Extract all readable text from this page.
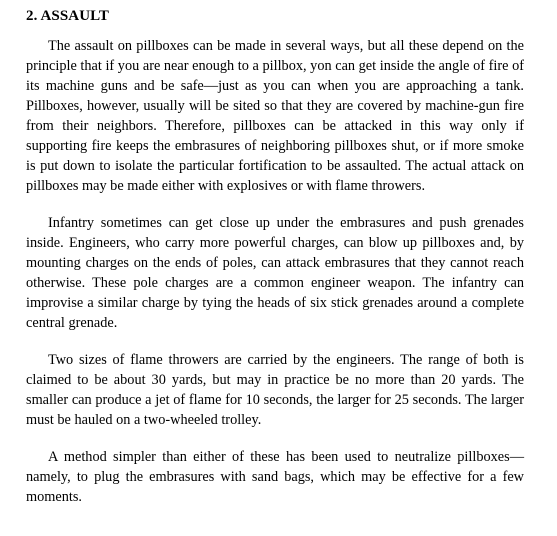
2. ASSAULT

The assault on pillboxes can be made in several ways, but all these depend on the principle that if you are near enough to a pillbox, yon can get inside the angle of fire of its machine guns and be safe—just as you can when you are approaching a tank. Pillboxes, however, usually will be sited so that they are covered by machine-gun fire from their neighbors. Therefore, pillboxes can be attacked in this way only if supporting fire keeps the embrasures of neighboring pillboxes shut, or if more smoke is put down to isolate the particular fortification to be assaulted. The actual attack on pillboxes may be made either with explosives or with flame throwers.

Infantry sometimes can get close up under the embrasures and push grenades inside. Engineers, who carry more powerful charges, can blow up pillboxes and, by mounting charges on the ends of poles, can attack embrasures that they cannot reach otherwise. These pole charges are a common engineer weapon. The infantry can improvise a similar charge by tying the heads of six stick grenades around a complete central grenade.

Two sizes of flame throwers are carried by the engineers. The range of both is claimed to be about 30 yards, but may in practice be no more than 20 yards. The smaller can produce a jet of flame for 10 seconds, the larger for 25 seconds. The larger must be hauled on a two-wheeled trolley.

A method simpler than either of these has been used to neutralize pillboxes—namely, to plug the embrasures with sand bags, which may be effective for a few moments.
